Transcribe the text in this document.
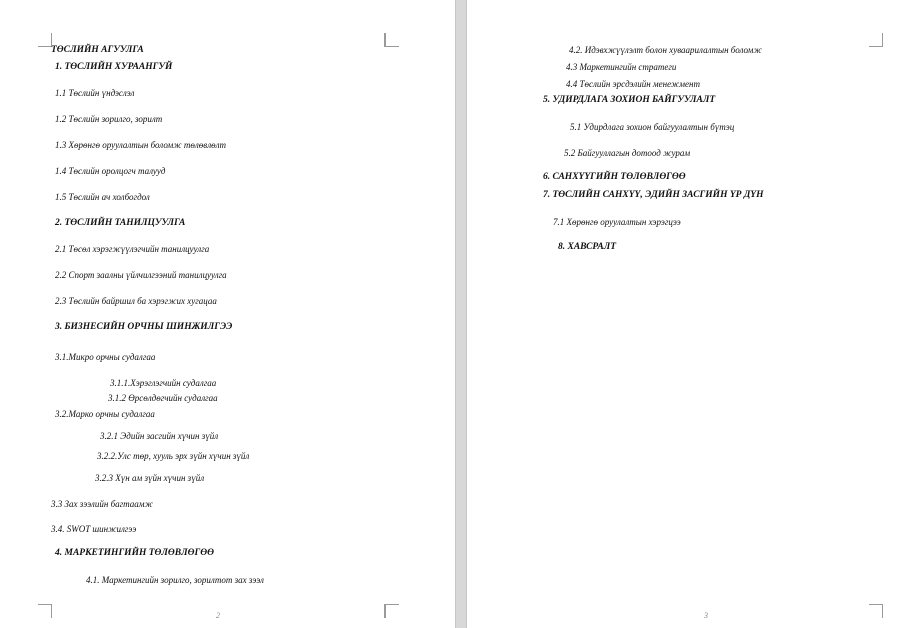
ТӨСЛИЙН АГУУЛГА
1. ТӨСЛИЙН ХУРААНГУЙ
1.1 Төслийн үндэслэл
1.2 Төслийн зорилго, зорилт
1.3 Хөрөнгө оруулалтын боломж төлөвлөлт
1.4 Төслийн оролцогч талууд
1.5 Төслийн ач холбогдол
2. ТӨСЛИЙН ТАНИЛЦУУЛГА
2.1 Төсөл хэрэгжүүлэгчийн танилцуулга
2.2 Спорт заалны үйлчилгээний танилцуулга
2.3 Төслийн байршил ба хэрэгжих хугацаа
3. БИЗНЕСИЙН ОРЧНЫ ШИНЖИЛГЭЭ
3.1.Микро орчны судалгаа
3.1.1.Хэрэглэгчийн судалгаа
3.1.2 Өрсөлдөгчийн судалгаа
3.2.Марко орчны судалгаа
3.2.1 Эдийн засгийн хүчин зүйл
3.2.2.Улс төр, хууль эрх зүйн хүчин зүйл
3.2.3 Хүн ам зүйн хүчин зүйл
3.3 Зах зээлийн багтаамж
3.4. SWOT шинжилгээ
4. МАРКЕТИНГИЙН ТӨЛӨВЛӨГӨӨ
4.1. Маркетингийн зорилго, зорилтот зах зээл
2
4.2. Идэвхжүүлэлт болон хуваарилалтын боломж
4.3 Маркетингийн стратеги
4.4 Төслийн эрсдэлийн менежмент
5. УДИРДЛАГА ЗОХИОН БАЙГУУЛАЛТ
5.1 Удирдлага зохион байгуулалтын бүтэц
5.2 Байгууллагын дотоод журам
6. САНХҮҮГИЙН ТӨЛӨВЛӨГӨӨ
7. ТӨСЛИЙН САНХҮҮ, ЭДИЙН ЗАСГИЙН ҮР ДҮН
7.1 Хөрөнгө оруулалтын хэрэгцээ
8. ХАВСРАЛТ
3
